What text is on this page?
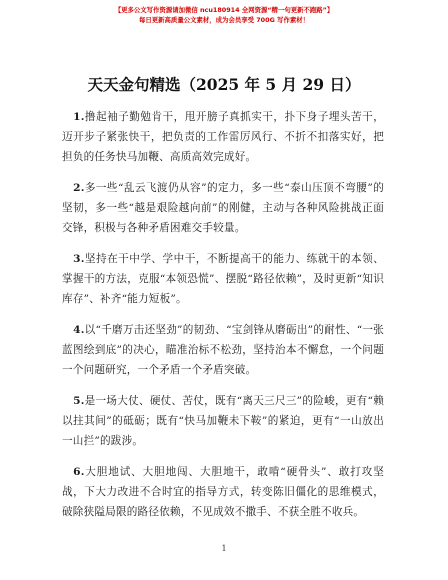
【更多公文写作资源请加微信 ncu180914 全网资源“精一句更新不跑路”】
每日更新高质量公文素材，成为会员享受 700G 写作素材！
天天金句精选（2025 年 5 月 29 日）

1.撸起袖子勤勉肯干，甩开膀子真抓实干，扑下身子埋头苦干，迈开步子紧张快干，把负责的工作雷厉风行、不折不扣落实好，把担负的任务快马加鞭、高质高效完成好。

2.多一些“乱云飞渡仍从容”的定力，多一些“泰山压顶不弯腰”的坚韧，多一些“越是艰险越向前”的刚健，主动与各种风险挑战正面交锋，积极与各种矛盾困难交手较量。

3.坚持在干中学、学中干，不断提高干的能力、练就干的本领、掌握干的方法，克服“本领恐慌”、摆脱“路径依赖”，及时更新“知识库存”、补齐“能力短板”。

4.以“千磨万击还坚劲”的韧劲、“宝剑锋从磨砺出”的耐性、“一张蓝图绘到底”的决心，瞄准治标不松劲，坚持治本不懈怠，一个问题一个问题研究，一个矛盾一个矛盾突破。

5.是一场大仗、硬仗、苦仗，既有“离天三尺三”的险峻，更有“赖以拄其间”的砥砺；既有“快马加鞭未下鞍”的紧迫，更有“一山放出一山拦”的跋涉。

6.大胆地试、大胆地闯、大胆地干，敢啃“硬骨头”、敢打攻坚战，下大力改进不合时宜的指导方式，转变陈旧僵化的思维模式，破除狭隘局限的路径依赖，不见成效不撒手、不获全胜不收兵。

1
